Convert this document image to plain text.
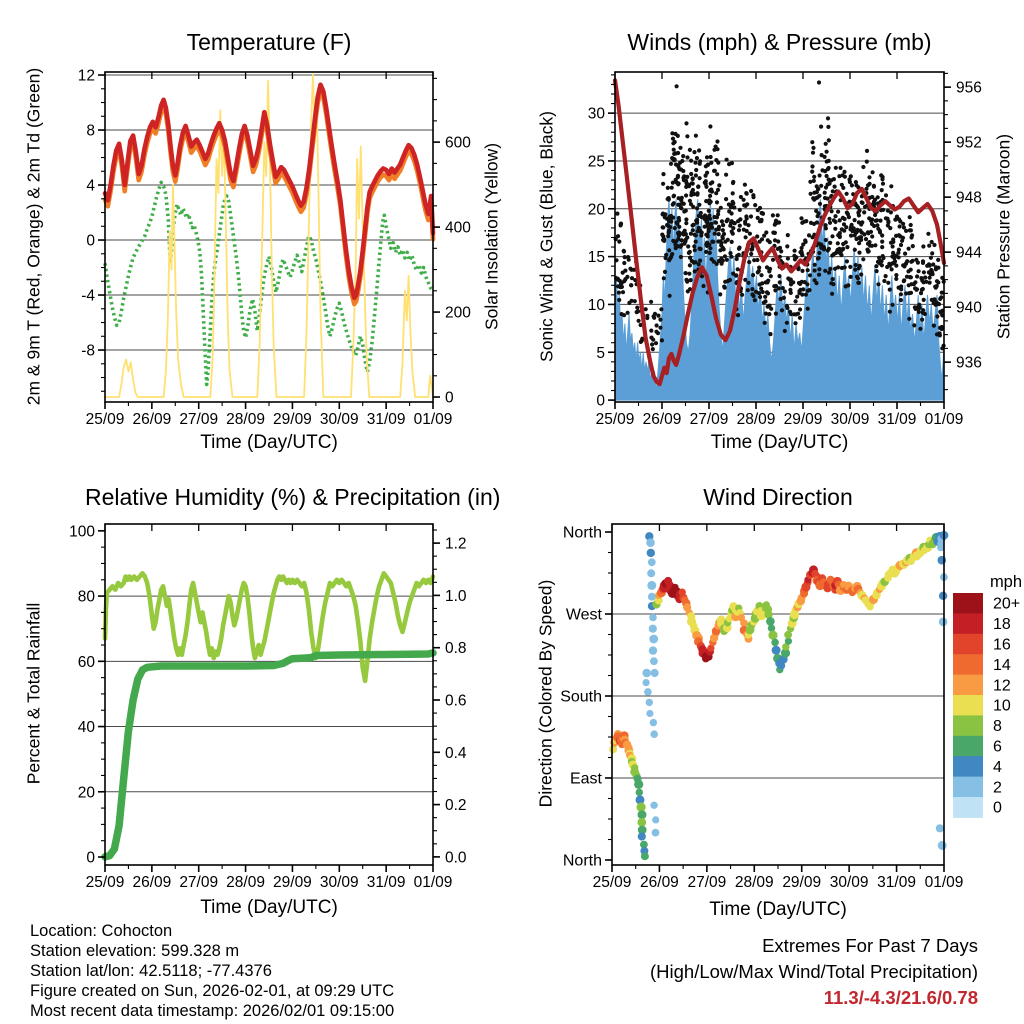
12
8
4
0
-4
-8
600
400
200
0
25/09 26/09 27/09 28/09 29/09 30/09 31/09 01/09
30
25
20
15
10
5
0
956
952
948
944
940
936
25/09 26/09 27/09 28/09 29/09 30/09 31/09 01/09
100
80
60
40
20
0
1.2
1.0
0.8
0.6
0.4
0.2
0.0
25/09 26/09 27/09 28/09 29/09 30/09 31/09 01/09
North
West
South
East
North
25/09 26/09 27/09 28/09 29/09 30/09 31/09 01/09
mph
20+
18
16
14
12
10
8
6
4
2
0
Temperature (F)	Winds (mph) & Pressure (mb)
Relative Humidity (%) & Precipitation (in)	Wind Direction
Time (Day/UTC)	Time (Day/UTC)
Time (Day/UTC)	Time (Day/UTC)
2m & 9m T (Red, Orange) & 2m Td (Green)	Solar Insolation (Yellow) Sonic Wind & Gust (Blue, Black)	Station Pressure (Maroon)
Percent & Total Rainfall	Direction (Colored By Speed)
Location: Cohocton
Station elevation: 599.328 m
Station lat/lon: 42.5118; -77.4376
Figure created on Sun, 2026-02-01, at 09:29 UTC
Most recent data timestamp: 2026/02/01 09:15:00
Extremes For Past 7 Days
(High/Low/Max Wind/Total Precipitation)
11.3/-4.3/21.6/0.78
